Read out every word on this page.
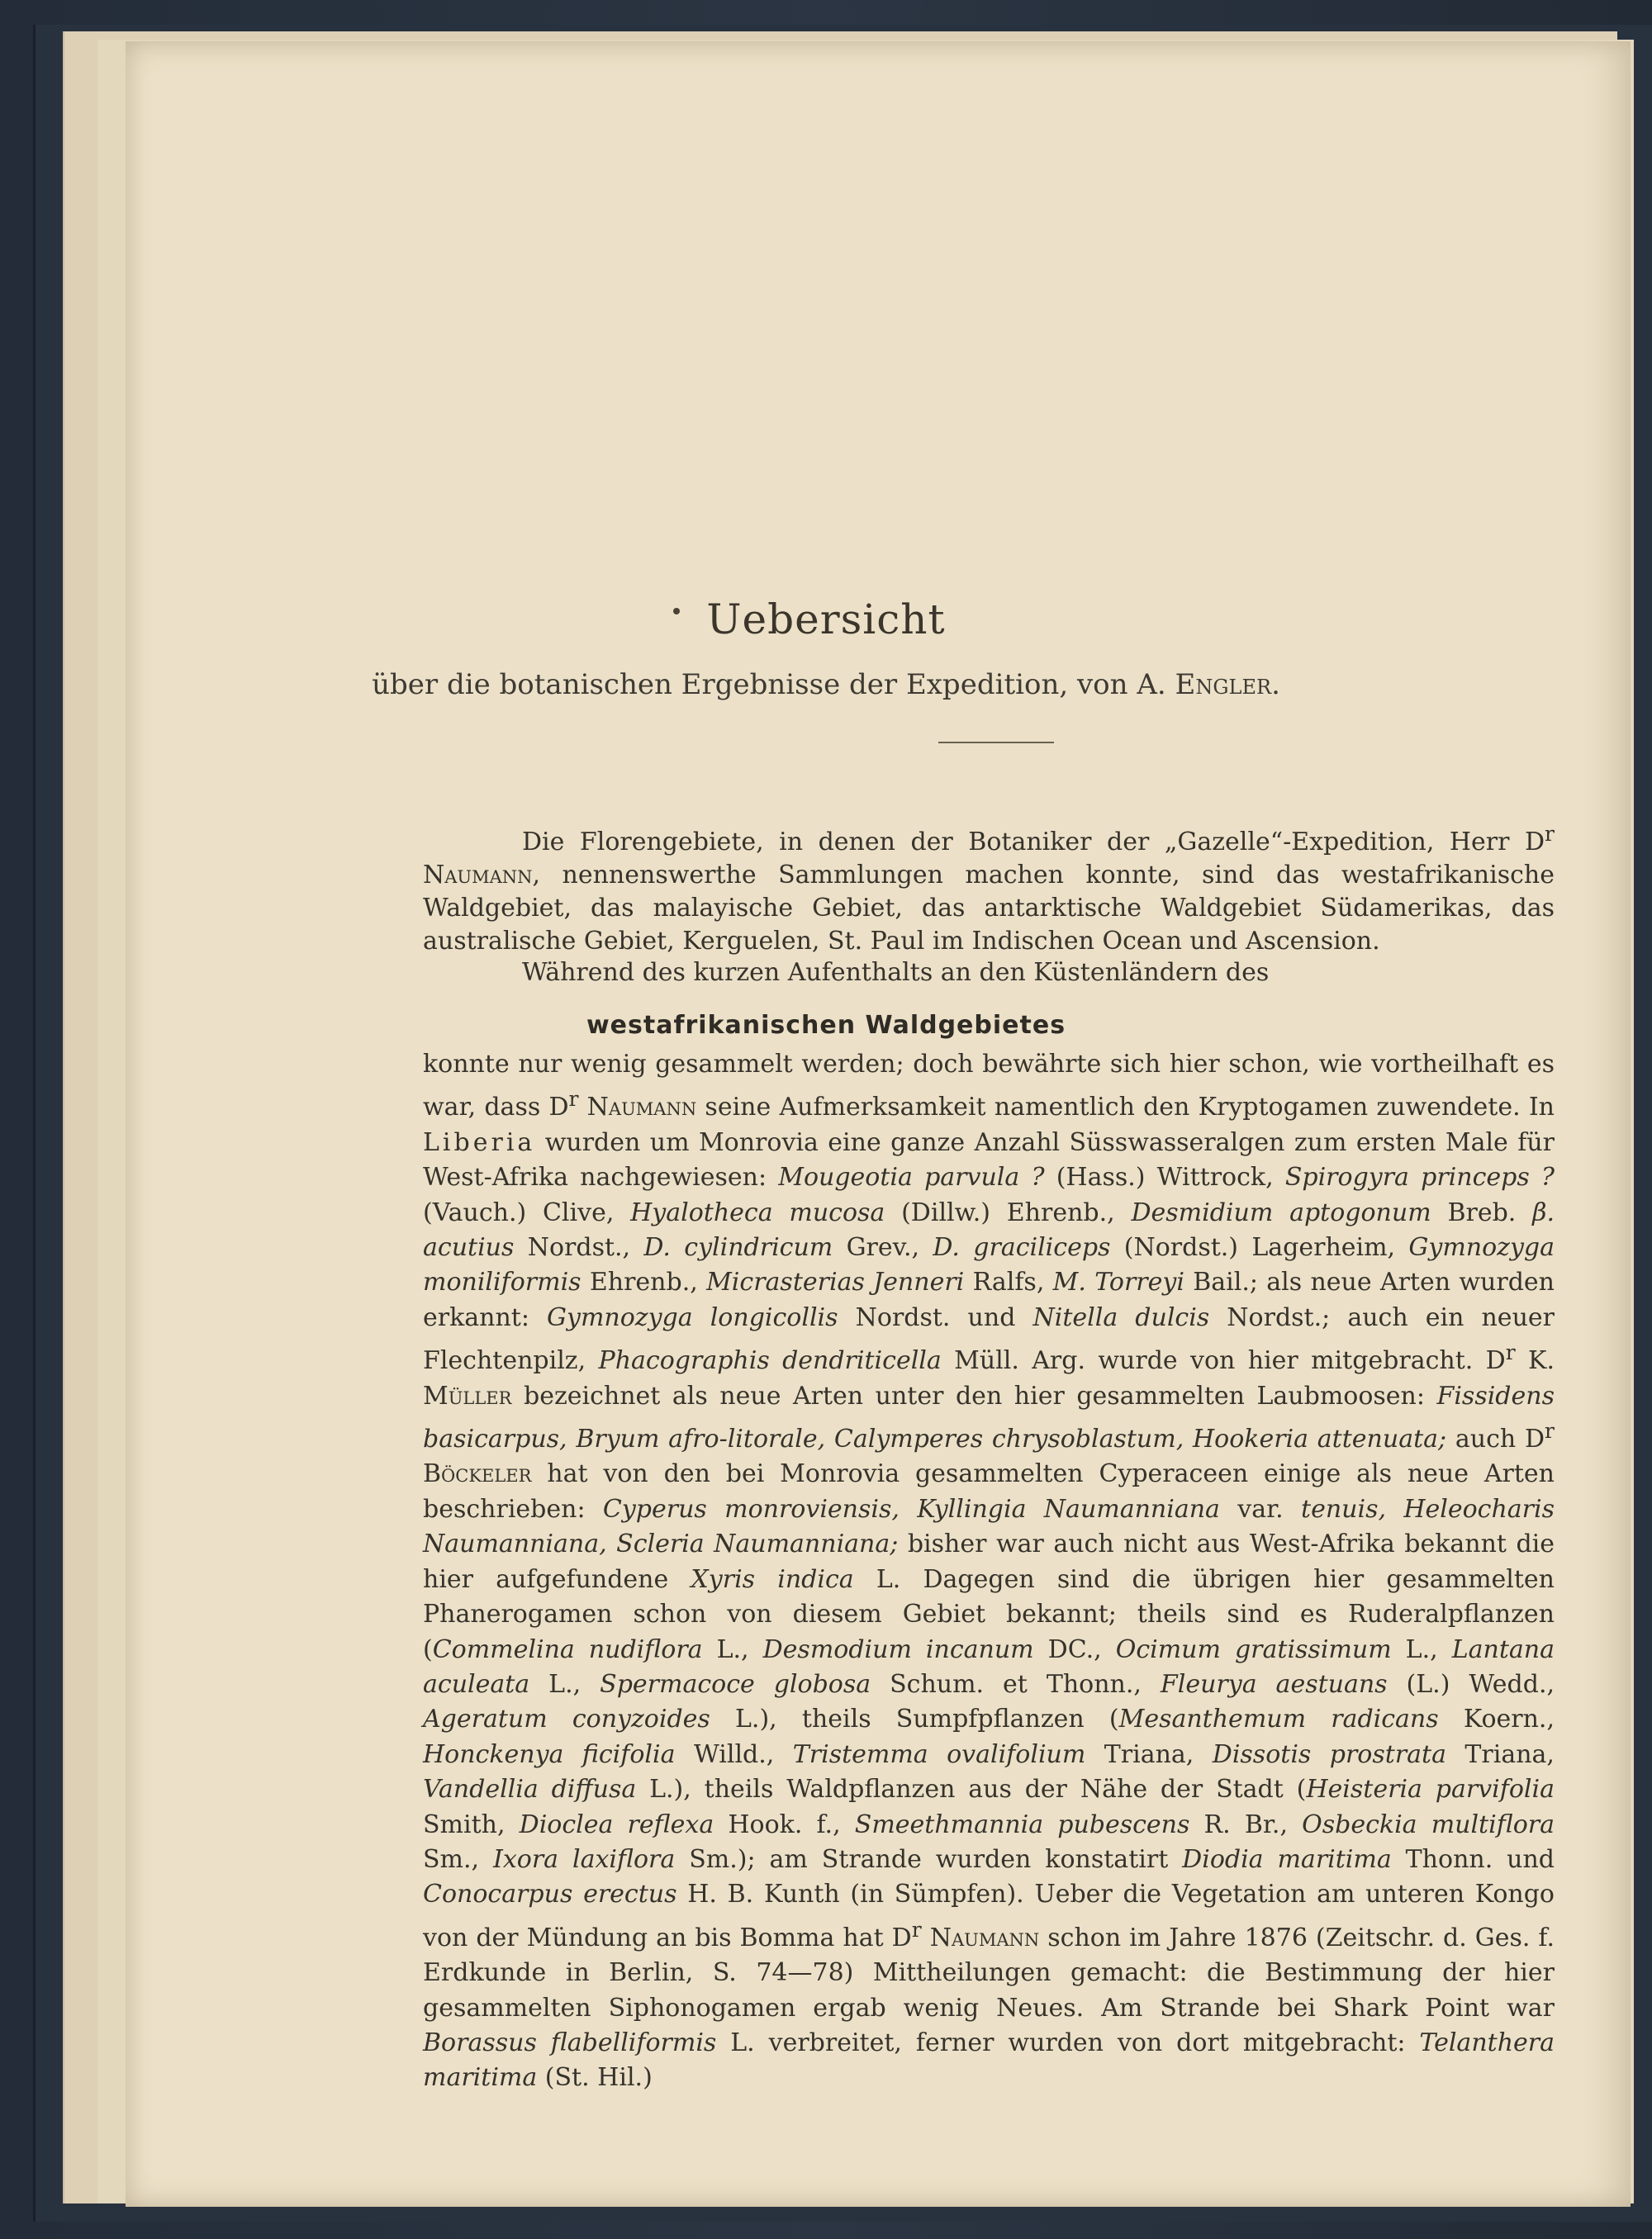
Uebersicht
über die botanischen Ergebnisse der Expedition, von A. Engler.
Die Florengebiete, in denen der Botaniker der „Gazelle“-Expedition, Herr $D^r$ Naumann, nennenswerthe Sammlungen machen konnte, sind das westafrikanische Waldgebiet, das malayische Gebiet, das antarktische Waldgebiet Südamerikas, das australische Gebiet, Kerguelen, St. Paul im Indischen Ocean und Ascension.
Während des kurzen Aufenthalts an den Küstenländern des
westafrikanischen Waldgebietes
konnte nur wenig gesammelt werden; doch bewährte sich hier schon, wie vortheilhaft es war, dass $D^r$ Naumann seine Aufmerksamkeit namentlich den Kryptogamen zuwendete. In Liberia wurden um Monrovia eine ganze Anzahl Süsswasseralgen zum ersten Male für West-Afrika nachgewiesen: Mougeotia parvula ? (Hass.) Wittrock, Spirogyra princeps ? (Vauch.) Clive, Hyalotheca mucosa (Dillw.) Ehrenb., Desmidium aptogonum Breb. β. acutius Nordst., D. cylindricum Grev., D. graciliceps (Nordst.) Lagerheim, Gymnozyga moniliformis Ehrenb., Micrasterias Jenneri Ralfs, M. Torreyi Bail.; als neue Arten wurden erkannt: Gymnozyga longicollis Nordst. und Nitella dulcis Nordst.; auch ein neuer Flechtenpilz, Phacographis dendriticella Müll. Arg. wurde von hier mitgebracht. $D^r$ K. Müller bezeichnet als neue Arten unter den hier gesammelten Laubmoosen: Fissidens basicarpus, Bryum afro-litorale, Calymperes chrysoblastum, Hookeria attenuata; auch $D^r$ Böckeler hat von den bei Monrovia gesammelten Cyperaceen einige als neue Arten beschrieben: Cyperus monroviensis, Kyllingia Naumanniana var. tenuis, Heleocharis Naumanniana, Scleria Naumanniana; bisher war auch nicht aus West-Afrika bekannt die hier aufgefundene Xyris indica L. Dagegen sind die übrigen hier gesammelten Phanerogamen schon von diesem Gebiet bekannt; theils sind es Ruderalpflanzen (Commelina nudiflora L., Desmodium incanum DC., Ocimum gratissimum L., Lantana aculeata L., Spermacoce globosa Schum. et Thonn., Fleurya aestuans (L.) Wedd., Ageratum conyzoides L.), theils Sumpfpflanzen (Mesanthemum radicans Koern., Honckenya ficifolia Willd., Tristemma ovalifolium Triana, Dissotis prostrata Triana, Vandellia diffusa L.), theils Waldpflanzen aus der Nähe der Stadt (Heisteria parvifolia Smith, Dioclea reflexa Hook. f., Smeethmannia pubescens R. Br., Osbeckia multiflora Sm., Ixora laxiflora Sm.); am Strande wurden konstatirt Diodia maritima Thonn. und Conocarpus erectus H. B. Kunth (in Sümpfen). Ueber die Vegetation am unteren Kongo von der Mündung an bis Bomma hat $D^r$ Naumann schon im Jahre 1876 (Zeitschr. d. Ges. f. Erdkunde in Berlin, S. 74—78) Mittheilungen gemacht: die Bestimmung der hier gesammelten Siphonogamen ergab wenig Neues. Am Strande bei Shark Point war Borassus flabelliformis L. verbreitet, ferner wurden von dort mitgebracht: Telanthera maritima (St. Hil.)
